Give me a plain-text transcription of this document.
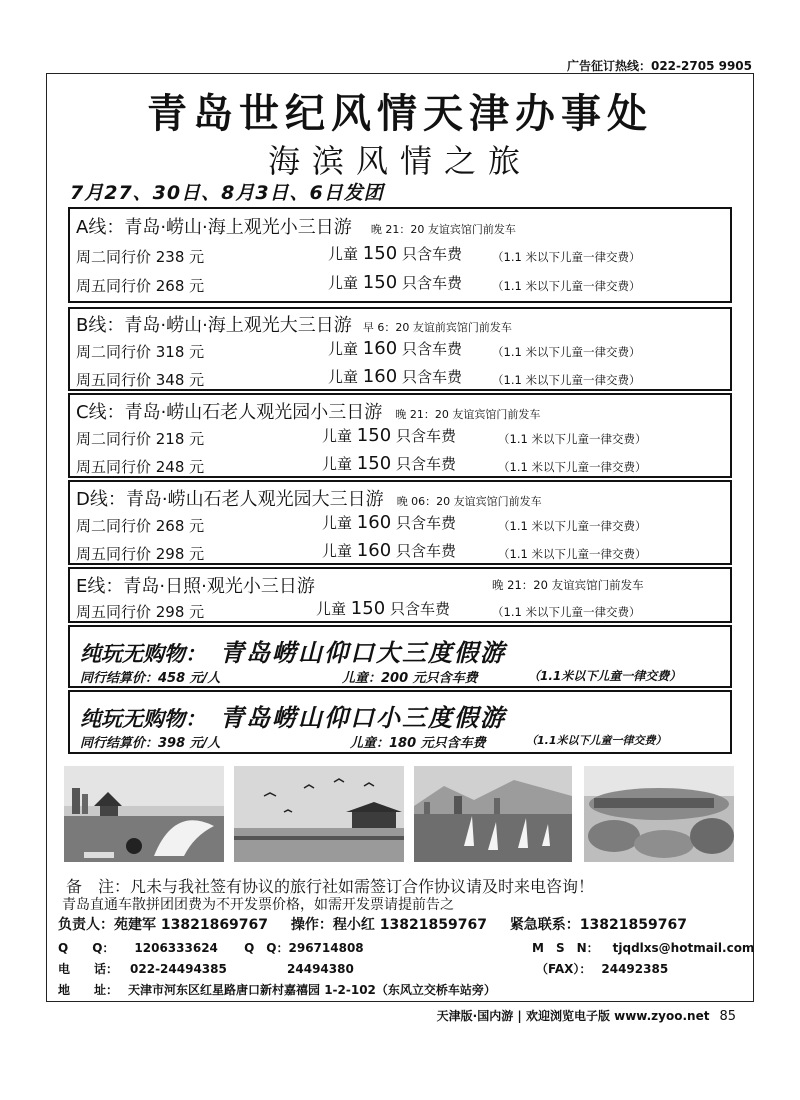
广告征订热线：022-2705 9905
青岛世纪风情天津办事处
海滨风情之旅
7月27、30日、8月3日、6日发团
A线：青岛·崂山·海上观光小三日游 晚 21：20 友谊宾馆门前发车
周二同行价 238 元	儿童 150 只含车费	（1.1 米以下儿童一律交费）
周五同行价 268 元	儿童 150 只含车费	（1.1 米以下儿童一律交费）
B线：青岛·崂山·海上观光大三日游 早 6：20 友谊前宾馆门前发车
周二同行价 318 元	儿童 160 只含车费	（1.1 米以下儿童一律交费）
周五同行价 348 元	儿童 160 只含车费	（1.1 米以下儿童一律交费）
C线：青岛·崂山石老人观光园小三日游 晚 21：20 友谊宾馆门前发车
周二同行价 218 元	儿童 150 只含车费	（1.1 米以下儿童一律交费）
周五同行价 248 元	儿童 150 只含车费	（1.1 米以下儿童一律交费）
D线：青岛·崂山石老人观光园大三日游 晚 06：20 友谊宾馆门前发车
周二同行价 268 元	儿童 160 只含车费	（1.1 米以下儿童一律交费）
周五同行价 298 元	儿童 160 只含车费	（1.1 米以下儿童一律交费）
E线：青岛·日照·观光小三日游	晚 21：20 友谊宾馆门前发车
周五同行价 298 元	儿童 150 只含车费	（1.1 米以下儿童一律交费）
纯玩无购物： 青岛崂山仰口大三度假游
同行结算价：458 元/人	儿童：200 元只含车费	（1.1米以下儿童一律交费）
纯玩无购物： 青岛崂山仰口小三度假游
同行结算价：398 元/人	儿童：180 元只含车费	（1.1米以下儿童一律交费）
备　注：凡未与我社签有协议的旅行社如需签订合作协议请及时来电咨询！
青岛直通车散拼团团费为不开发票价格，如需开发票请提前告之
负责人：苑建军 13821869767 操作：程小红 13821859767 紧急联系：13821859767
Q　　Q： 1206333624 Q　Q：296714808	M　S　N： tjqdlxs@hotmail.com
电　　话： 022-24494385	24494380	（FAX）： 24492385
地　　址： 天津市河东区红星路唐口新村嘉禧园 1-2-102（东风立交桥车站旁）
天津版·国内游 | 欢迎浏览电子版 www.zyoo.net 85
